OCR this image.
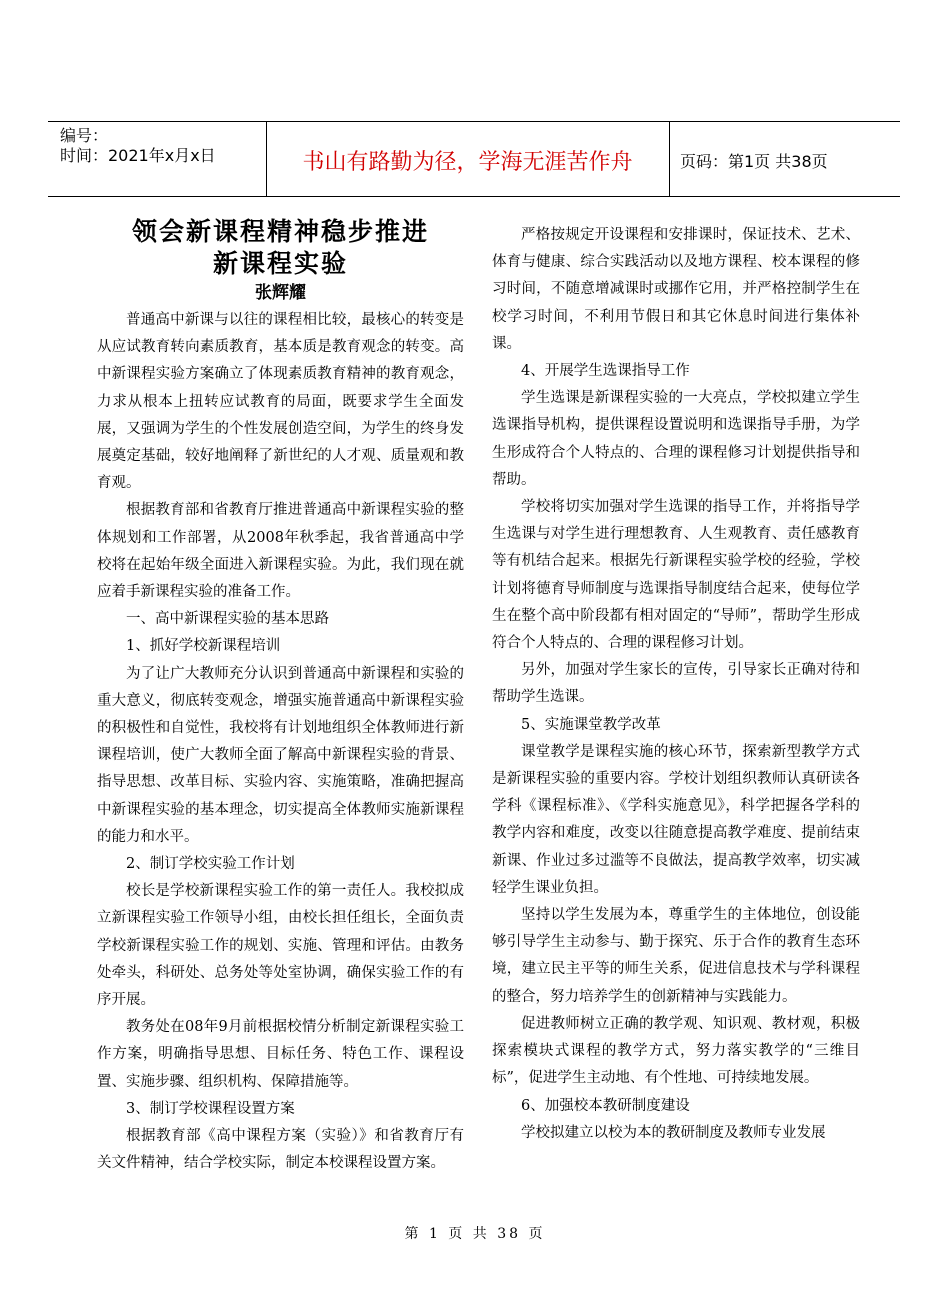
编号：
时间：2021年x月x日	书山有路勤为径，学海无涯苦作舟	页码：第1页 共38页
领会新课程精神稳步推进
新课程实验
张辉耀

普通高中新课与以往的课程相比较，最核心的转变是从应试教育转向素质教育，基本质是教育观念的转变。高中新课程实验方案确立了体现素质教育精神的教育观念，力求从根本上扭转应试教育的局面，既要求学生全面发展，又强调为学生的个性发展创造空间，为学生的终身发展奠定基础，较好地阐释了新世纪的人才观、质量观和教育观。

根据教育部和省教育厅推进普通高中新课程实验的整体规划和工作部署，从2008年秋季起，我省普通高中学校将在起始年级全面进入新课程实验。为此，我们现在就应着手新课程实验的准备工作。

一、高中新课程实验的基本思路

1、抓好学校新课程培训

为了让广大教师充分认识到普通高中新课程和实验的重大意义，彻底转变观念，增强实施普通高中新课程实验的积极性和自觉性，我校将有计划地组织全体教师进行新课程培训，使广大教师全面了解高中新课程实验的背景、指导思想、改革目标、实验内容、实施策略，准确把握高中新课程实验的基本理念，切实提高全体教师实施新课程的能力和水平。

2、制订学校实验工作计划

校长是学校新课程实验工作的第一责任人。我校拟成立新课程实验工作领导小组，由校长担任组长，全面负责学校新课程实验工作的规划、实施、管理和评估。由教务处牵头，科研处、总务处等处室协调，确保实验工作的有序开展。

教务处在08年9月前根据校情分析制定新课程实验工作方案，明确指导思想、目标任务、特色工作、课程设置、实施步骤、组织机构、保障措施等。

3、制订学校课程设置方案

根据教育部《高中课程方案（实验）》和省教育厅有关文件精神，结合学校实际，制定本校课程设置方案。

严格按规定开设课程和安排课时，保证技术、艺术、体育与健康、综合实践活动以及地方课程、校本课程的修习时间，不随意增减课时或挪作它用，并严格控制学生在校学习时间，不利用节假日和其它休息时间进行集体补课。

4、开展学生选课指导工作

学生选课是新课程实验的一大亮点，学校拟建立学生选课指导机构，提供课程设置说明和选课指导手册，为学生形成符合个人特点的、合理的课程修习计划提供指导和帮助。

学校将切实加强对学生选课的指导工作，并将指导学生选课与对学生进行理想教育、人生观教育、责任感教育等有机结合起来。根据先行新课程实验学校的经验，学校计划将德育导师制度与选课指导制度结合起来，使每位学生在整个高中阶段都有相对固定的“导师”，帮助学生形成符合个人特点的、合理的课程修习计划。

另外，加强对学生家长的宣传，引导家长正确对待和帮助学生选课。

5、实施课堂教学改革

课堂教学是课程实施的核心环节，探索新型教学方式是新课程实验的重要内容。学校计划组织教师认真研读各学科《课程标准》、《学科实施意见》，科学把握各学科的教学内容和难度，改变以往随意提高教学难度、提前结束新课、作业过多过滥等不良做法，提高教学效率，切实减轻学生课业负担。

坚持以学生发展为本，尊重学生的主体地位，创设能够引导学生主动参与、勤于探究、乐于合作的教育生态环境，建立民主平等的师生关系，促进信息技术与学科课程的整合，努力培养学生的创新精神与实践能力。

促进教师树立正确的教学观、知识观、教材观，积极探索模块式课程的教学方式，努力落实教学的“三维目标”，促进学生主动地、有个性地、可持续地发展。

6、加强校本教研制度建设

学校拟建立以校为本的教研制度及教师专业发展

第 1 页 共 38 页
